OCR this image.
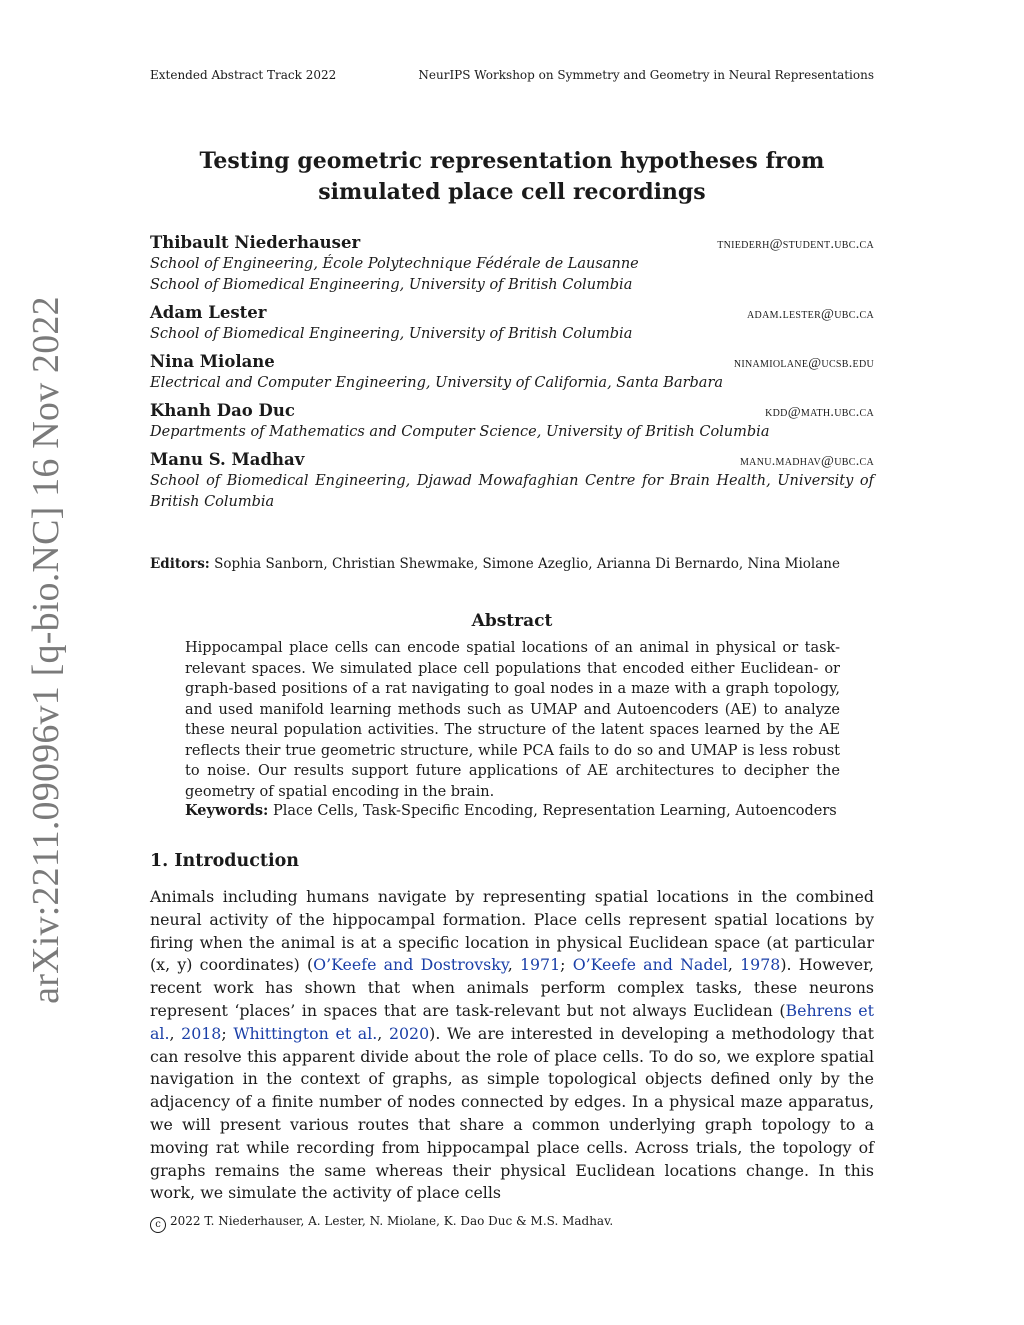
Extended Abstract Track 2022	NeurIPS Workshop on Symmetry and Geometry in Neural Representations
arXiv:2211.09096v1 [q-bio.NC] 16 Nov 2022
Testing geometric representation hypotheses from simulated place cell recordings
Thibault Niederhauser	tniederh@student.ubc.ca
School of Engineering, École Polytechnique Fédérale de Lausanne
School of Biomedical Engineering, University of British Columbia
Adam Lester	adam.lester@ubc.ca
School of Biomedical Engineering, University of British Columbia
Nina Miolane	ninamiolane@ucsb.edu
Electrical and Computer Engineering, University of California, Santa Barbara
Khanh Dao Duc	kdd@math.ubc.ca
Departments of Mathematics and Computer Science, University of British Columbia
Manu S. Madhav	manu.madhav@ubc.ca
School of Biomedical Engineering, Djawad Mowafaghian Centre for Brain Health, University of British Columbia
Editors: Sophia Sanborn, Christian Shewmake, Simone Azeglio, Arianna Di Bernardo, Nina Miolane
Abstract
Hippocampal place cells can encode spatial locations of an animal in physical or task-relevant spaces. We simulated place cell populations that encoded either Euclidean- or graph-based positions of a rat navigating to goal nodes in a maze with a graph topology, and used manifold learning methods such as UMAP and Autoencoders (AE) to analyze these neural population activities. The structure of the latent spaces learned by the AE reflects their true geometric structure, while PCA fails to do so and UMAP is less robust to noise. Our results support future applications of AE architectures to decipher the geometry of spatial encoding in the brain.
Keywords: Place Cells, Task-Specific Encoding, Representation Learning, Autoencoders
1. Introduction

Animals including humans navigate by representing spatial locations in the combined neural activity of the hippocampal formation. Place cells represent spatial locations by firing when the animal is at a specific location in physical Euclidean space (at particular (x, y) coordinates) (O’Keefe and Dostrovsky, 1971; O’Keefe and Nadel, 1978). However, recent work has shown that when animals perform complex tasks, these neurons represent ‘places’ in spaces that are task-relevant but not always Euclidean (Behrens et al., 2018; Whittington et al., 2020). We are interested in developing a methodology that can resolve this apparent divide about the role of place cells. To do so, we explore spatial navigation in the context of graphs, as simple topological objects defined only by the adjacency of a finite number of nodes connected by edges. In a physical maze apparatus, we will present various routes that share a common underlying graph topology to a moving rat while recording from hippocampal place cells. Across trials, the topology of graphs remains the same whereas their physical Euclidean locations change. In this work, we simulate the activity of place cells

c 2022 T. Niederhauser, A. Lester, N. Miolane, K. Dao Duc & M.S. Madhav.
